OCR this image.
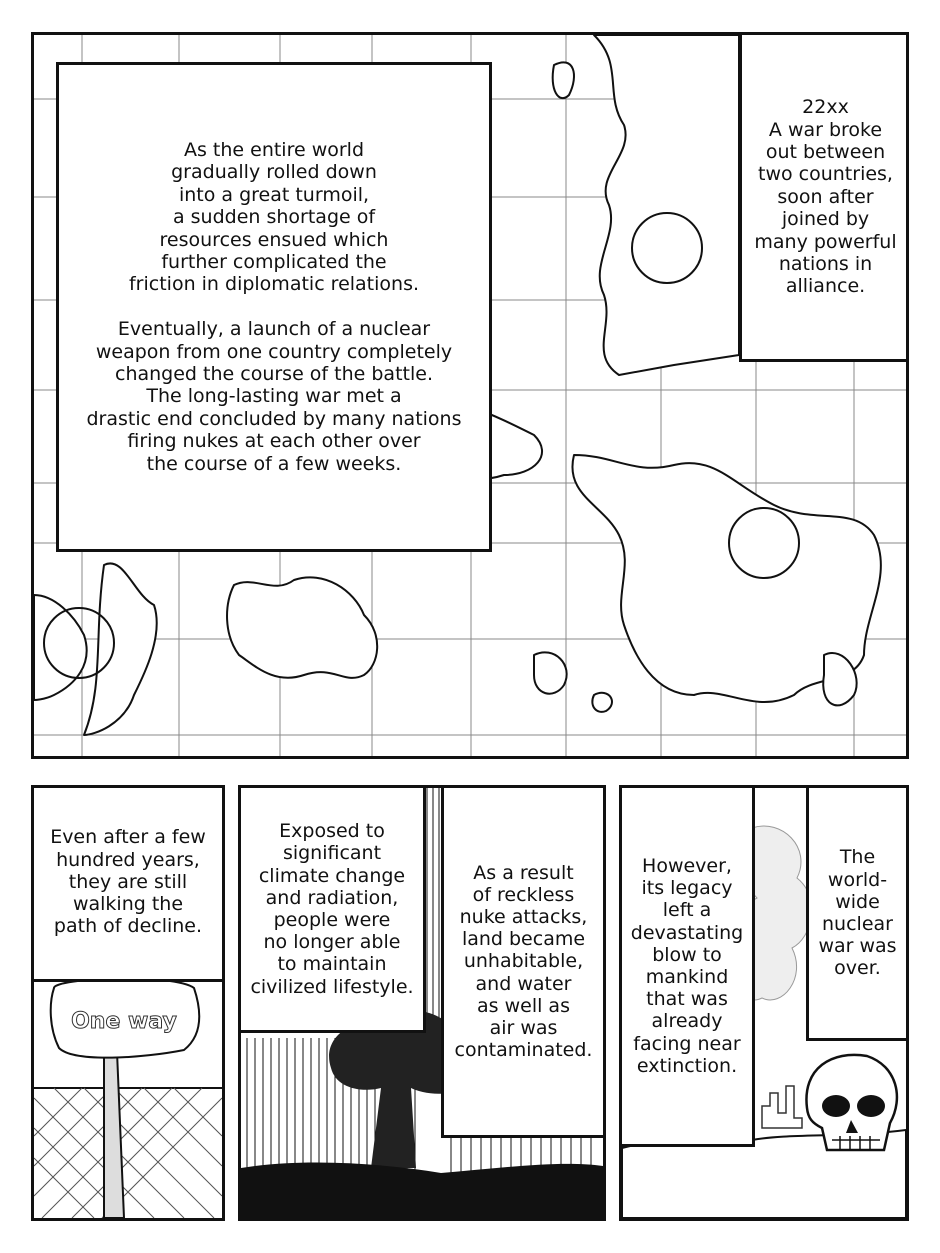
As the entire world
gradually rolled down
into a great turmoil,
a sudden shortage of
resources ensued which
further complicated the
friction in diplomatic relations.

Eventually, a launch of a nuclear
weapon from one country completely
changed the course of the battle.
The long-lasting war met a
drastic end concluded by many nations
firing nukes at each other over
the course of a few weeks.
22xx
A war broke
out between
two countries,
soon after
joined by
many powerful
nations in
alliance.
One way
Even after a few
hundred years,
they are still
walking the
path of decline.
Exposed to
significant
climate change
and radiation,
people were
no longer able
to maintain
civilized lifestyle.
As a result
of reckless
nuke attacks,
land became
unhabitable,
and water
as well as
air was
contaminated.
However,
its legacy
left a
devastating
blow to
mankind
that was
already
facing near
extinction.
The
world-
wide
nuclear
war was
over.
